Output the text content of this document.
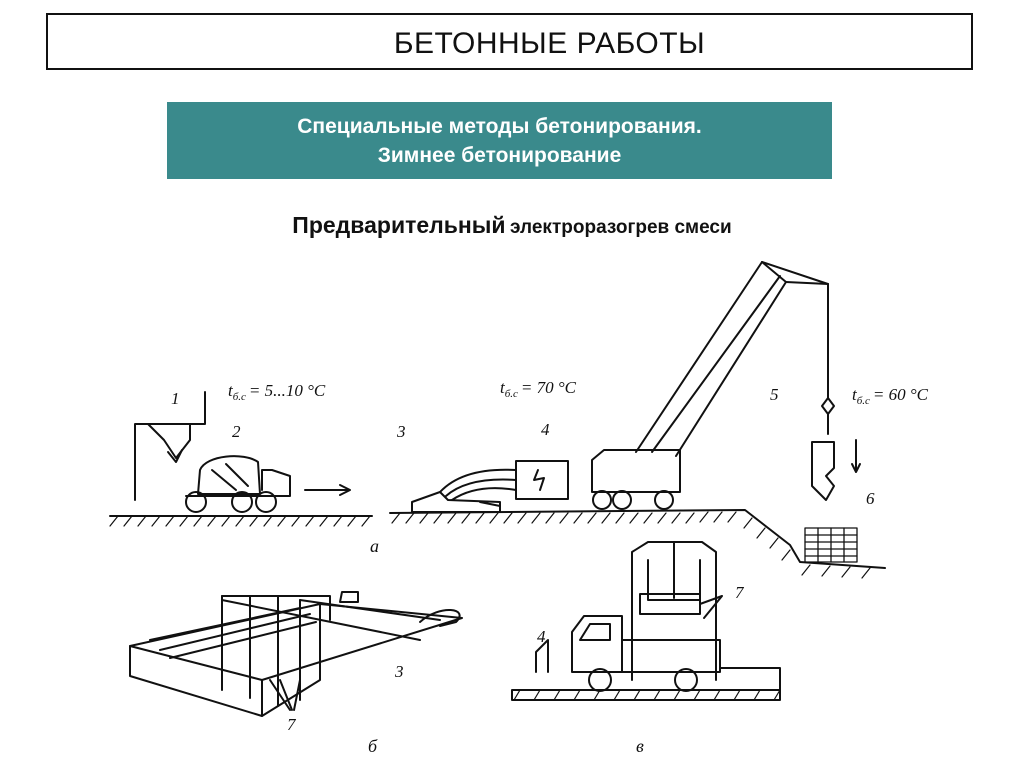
БЕТОННЫЕ РАБОТЫ
Специальные методы бетонирования.
Зимнее бетонирование
Предварительный электроразогрев смеси
1
2	3	4
5
6
3
7
4
7
а
б	в
$t_{б.с} = 5...10$ °C	$t_{б.с} = 70$ °C	$t_{б.с} = 60$ °C
